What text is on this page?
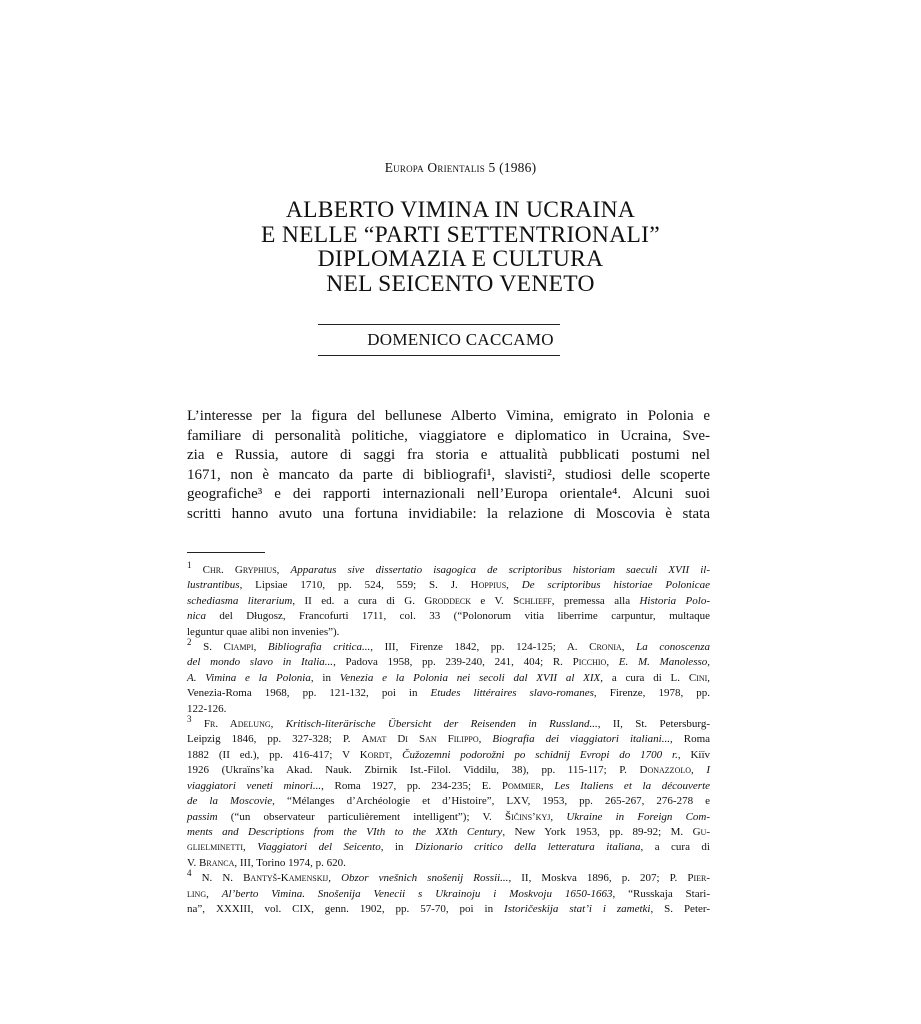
Europa Orientalis 5 (1986)
ALBERTO VIMINA IN UCRAINA
E NELLE “PARTI SETTENTRIONALI”
DIPLOMAZIA E CULTURA
NEL SEICENTO VENETO
DOMENICO CACCAMO
L’interesse per la figura del bellunese Alberto Vimina, emigrato in Polonia e
familiare di personalità politiche, viaggiatore e diplomatico in Ucraina, Sve-
zia e Russia, autore di saggi fra storia e attualità pubblicati postumi nel
1671, non è mancato da parte di bibliografi¹, slavisti², studiosi delle scoperte
geografiche³ e dei rapporti internazionali nell’Europa orientale⁴. Alcuni suoi
scritti hanno avuto una fortuna invidiabile: la relazione di Moscovia è stata
$^1$ Chr. Gryphius, Apparatus sive dissertatio isagogica de scriptoribus historiam saeculi XVII il-
lustrantibus, Lipsiae 1710, pp. 524, 559; S. J. Hoppius, De scriptoribus historiae Polonicae
schediasma literarium, II ed. a cura di G. Groddeck e V. Schlieff, premessa alla Historia Polo-
nica del Długosz, Francofurti 1711, col. 33 (“Polonorum vitia liberrime carpuntur, multaque
leguntur quae alibi non invenies”).
$^2$ S. Ciampi, Bibliografia critica..., III, Firenze 1842, pp. 124-125; A. Cronia, La conoscenza
del mondo slavo in Italia..., Padova 1958, pp. 239-240, 241, 404; R. Picchio, E. M. Manolesso,
A. Vimina e la Polonia, in Venezia e la Polonia nei secoli dal XVII al XIX, a cura di L. Cini,
Venezia-Roma 1968, pp. 121-132, poi in Etudes littéraires slavo-romanes, Firenze, 1978, pp.
122-126.
$^3$ Fr. Adelung, Kritisch-literärische Übersicht der Reisenden in Russland..., II, St. Petersburg-
Leipzig 1846, pp. 327-328; P. Amat Di San Filippo, Biografia dei viaggiatori italiani..., Roma
1882 (II ed.), pp. 416-417; V Kordt, Čužozemni podorožni po schidnij Evropi do 1700 r., Kiïv
1926 (Ukraïns’ka Akad. Nauk. Zbirnik Ist.-Filol. Viddilu, 38), pp. 115-117; P. Donazzolo, I
viaggiatori veneti minori..., Roma 1927, pp. 234-235; E. Pommier, Les Italiens et la découverte
de la Moscovie, “Mélanges d’Archéologie et d’Histoire”, LXV, 1953, pp. 265-267, 276-278 e
passim (“un observateur particulièrement intelligent”); V. Šičins’kyj, Ukraine in Foreign Com-
ments and Descriptions from the VIth to the XXth Century, New York 1953, pp. 89-92; M. Gu-
glielminetti, Viaggiatori del Seicento, in Dizionario critico della letteratura italiana, a cura di
V. Branca, III, Torino 1974, p. 620.
$^4$ N. N. Bantyš-Kamenskij, Obzor vnešnich snošenij Rossii..., II, Moskva 1896, p. 207; P. Pier-
ling, Al’berto Vimina. Snošenija Venecii s Ukrainoju i Moskvoju 1650-1663, “Russkaja Stari-
na”, XXXIII, vol. CIX, genn. 1902, pp. 57-70, poi in Istoričeskija stat’i i zametki, S. Peter-
